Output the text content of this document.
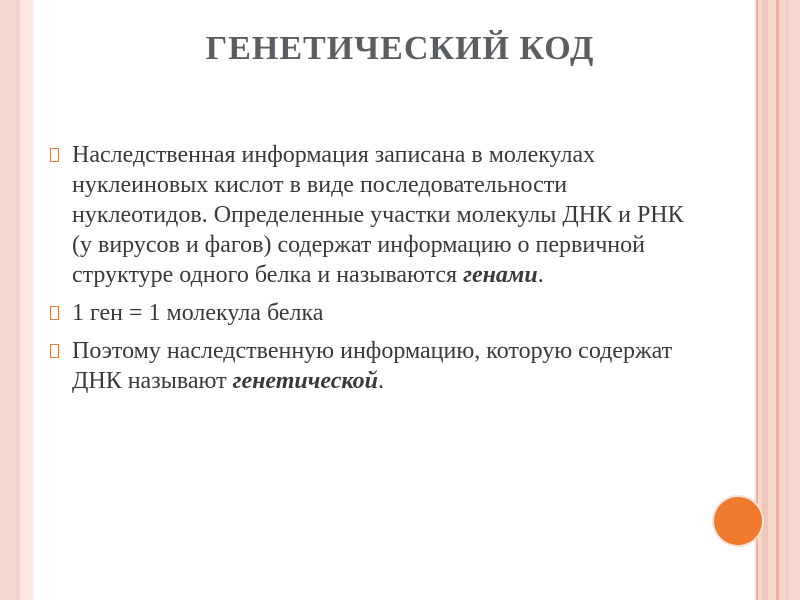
ГЕНЕТИЧЕСКИЙ КОД
Наследственная информация записана в молекулах нуклеиновых кислот в виде последовательности нуклеотидов. Определенные участки молекулы ДНК и РНК (у вирусов и фагов) содержат информацию о первичной структуре одного белка и называются генами.
1 ген = 1 молекула белка
Поэтому наследственную информацию, которую содержат ДНК называют генетической.
